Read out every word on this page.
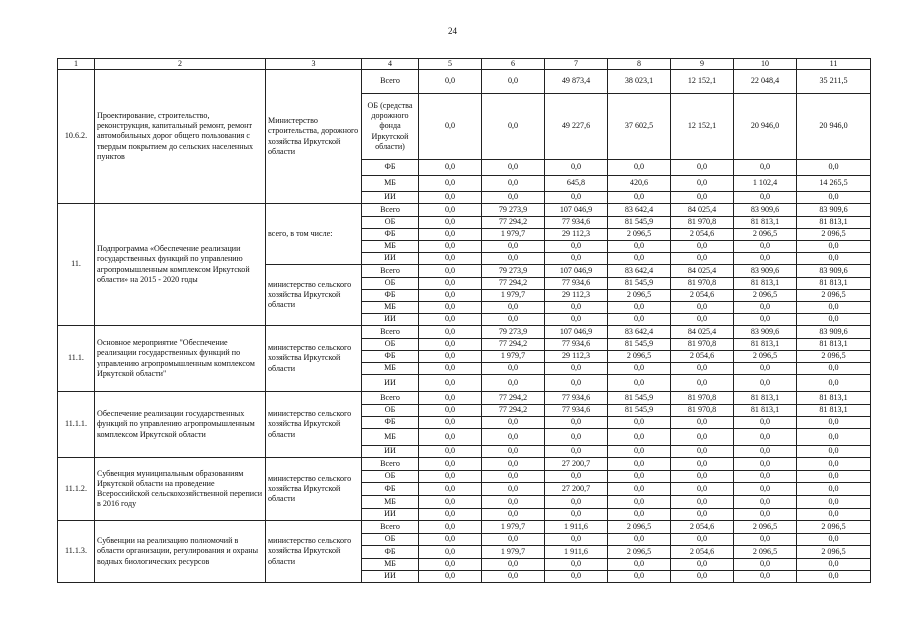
24
1	2	3	4	5	6	7	8	9	10	11
10.6.2.	Проектирование, строительство, реконструкция, капитальный ремонт, ремонт автомобильных дорог общего пользования с твердым покрытием до сельских населенных пунктов	Министерство строительства, дорожного хозяйства Иркутской области	Всего	0,0	0,0	49 873,4	38 023,1	12 152,1	22 048,4	35 211,5
			ОБ (средства дорожного фонда Иркутской области)	0,0	0,0	49 227,6	37 602,5	12 152,1	20 946,0	20 946,0
			ФБ	0,0	0,0	0,0	0,0	0,0	0,0	0,0
			МБ	0,0	0,0	645,8	420,6	0,0	1 102,4	14 265,5
			ИИ	0,0	0,0	0,0	0,0	0,0	0,0	0,0
11.	Подпрограмма «Обеспечение реализации государственных функций по управлению агропромышленным комплексом Иркутской области» на 2015 - 2020 годы	всего, в том числе:	Всего	0,0	79 273,9	107 046,9	83 642,4	84 025,4	83 909,6	83 909,6
			ОБ	0,0	77 294,2	77 934,6	81 545,9	81 970,8	81 813,1	81 813,1
			ФБ	0,0	1 979,7	29 112,3	2 096,5	2 054,6	2 096,5	2 096,5
			МБ	0,0	0,0	0,0	0,0	0,0	0,0	0,0
			ИИ	0,0	0,0	0,0	0,0	0,0	0,0	0,0
		министерство сельского хозяйства Иркутской области	Всего	0,0	79 273,9	107 046,9	83 642,4	84 025,4	83 909,6	83 909,6
			ОБ	0,0	77 294,2	77 934,6	81 545,9	81 970,8	81 813,1	81 813,1
			ФБ	0,0	1 979,7	29 112,3	2 096,5	2 054,6	2 096,5	2 096,5
			МБ	0,0	0,0	0,0	0,0	0,0	0,0	0,0
			ИИ	0,0	0,0	0,0	0,0	0,0	0,0	0,0
11.1.	Основное мероприятие "Обеспечение реализации государственных функций по управлению агропромышленным комплексом Иркутской области"	министерство сельского хозяйства Иркутской области	Всего	0,0	79 273,9	107 046,9	83 642,4	84 025,4	83 909,6	83 909,6
			ОБ	0,0	77 294,2	77 934,6	81 545,9	81 970,8	81 813,1	81 813,1
			ФБ	0,0	1 979,7	29 112,3	2 096,5	2 054,6	2 096,5	2 096,5
			МБ	0,0	0,0	0,0	0,0	0,0	0,0	0,0
			ИИ	0,0	0,0	0,0	0,0	0,0	0,0	0,0
11.1.1.	Обеспечение реализации государственных функций по управлению агропромышленным комплексом Иркутской области	министерство сельского хозяйства Иркутской области	Всего	0,0	77 294,2	77 934,6	81 545,9	81 970,8	81 813,1	81 813,1
			ОБ	0,0	77 294,2	77 934,6	81 545,9	81 970,8	81 813,1	81 813,1
			ФБ	0,0	0,0	0,0	0,0	0,0	0,0	0,0
			МБ	0,0	0,0	0,0	0,0	0,0	0,0	0,0
			ИИ	0,0	0,0	0,0	0,0	0,0	0,0	0,0
11.1.2.	Субвенция муниципальным образованиям Иркутской области на проведение Всероссийской сельскохозяйственной переписи в 2016 году	министерство сельского хозяйства Иркутской области	Всего	0,0	0,0	27 200,7	0,0	0,0	0,0	0,0
			ОБ	0,0	0,0	0,0	0,0	0,0	0,0	0,0
			ФБ	0,0	0,0	27 200,7	0,0	0,0	0,0	0,0
			МБ	0,0	0,0	0,0	0,0	0,0	0,0	0,0
			ИИ	0,0	0,0	0,0	0,0	0,0	0,0	0,0
11.1.3.	Субвенции на реализацию полномочий в области организации, регулирования и охраны водных биологических ресурсов	министерство сельского хозяйства Иркутской области	Всего	0,0	1 979,7	1 911,6	2 096,5	2 054,6	2 096,5	2 096,5
			ОБ	0,0	0,0	0,0	0,0	0,0	0,0	0,0
			ФБ	0,0	1 979,7	1 911,6	2 096,5	2 054,6	2 096,5	2 096,5
			МБ	0,0	0,0	0,0	0,0	0,0	0,0	0,0
			ИИ	0,0	0,0	0,0	0,0	0,0	0,0	0,0
